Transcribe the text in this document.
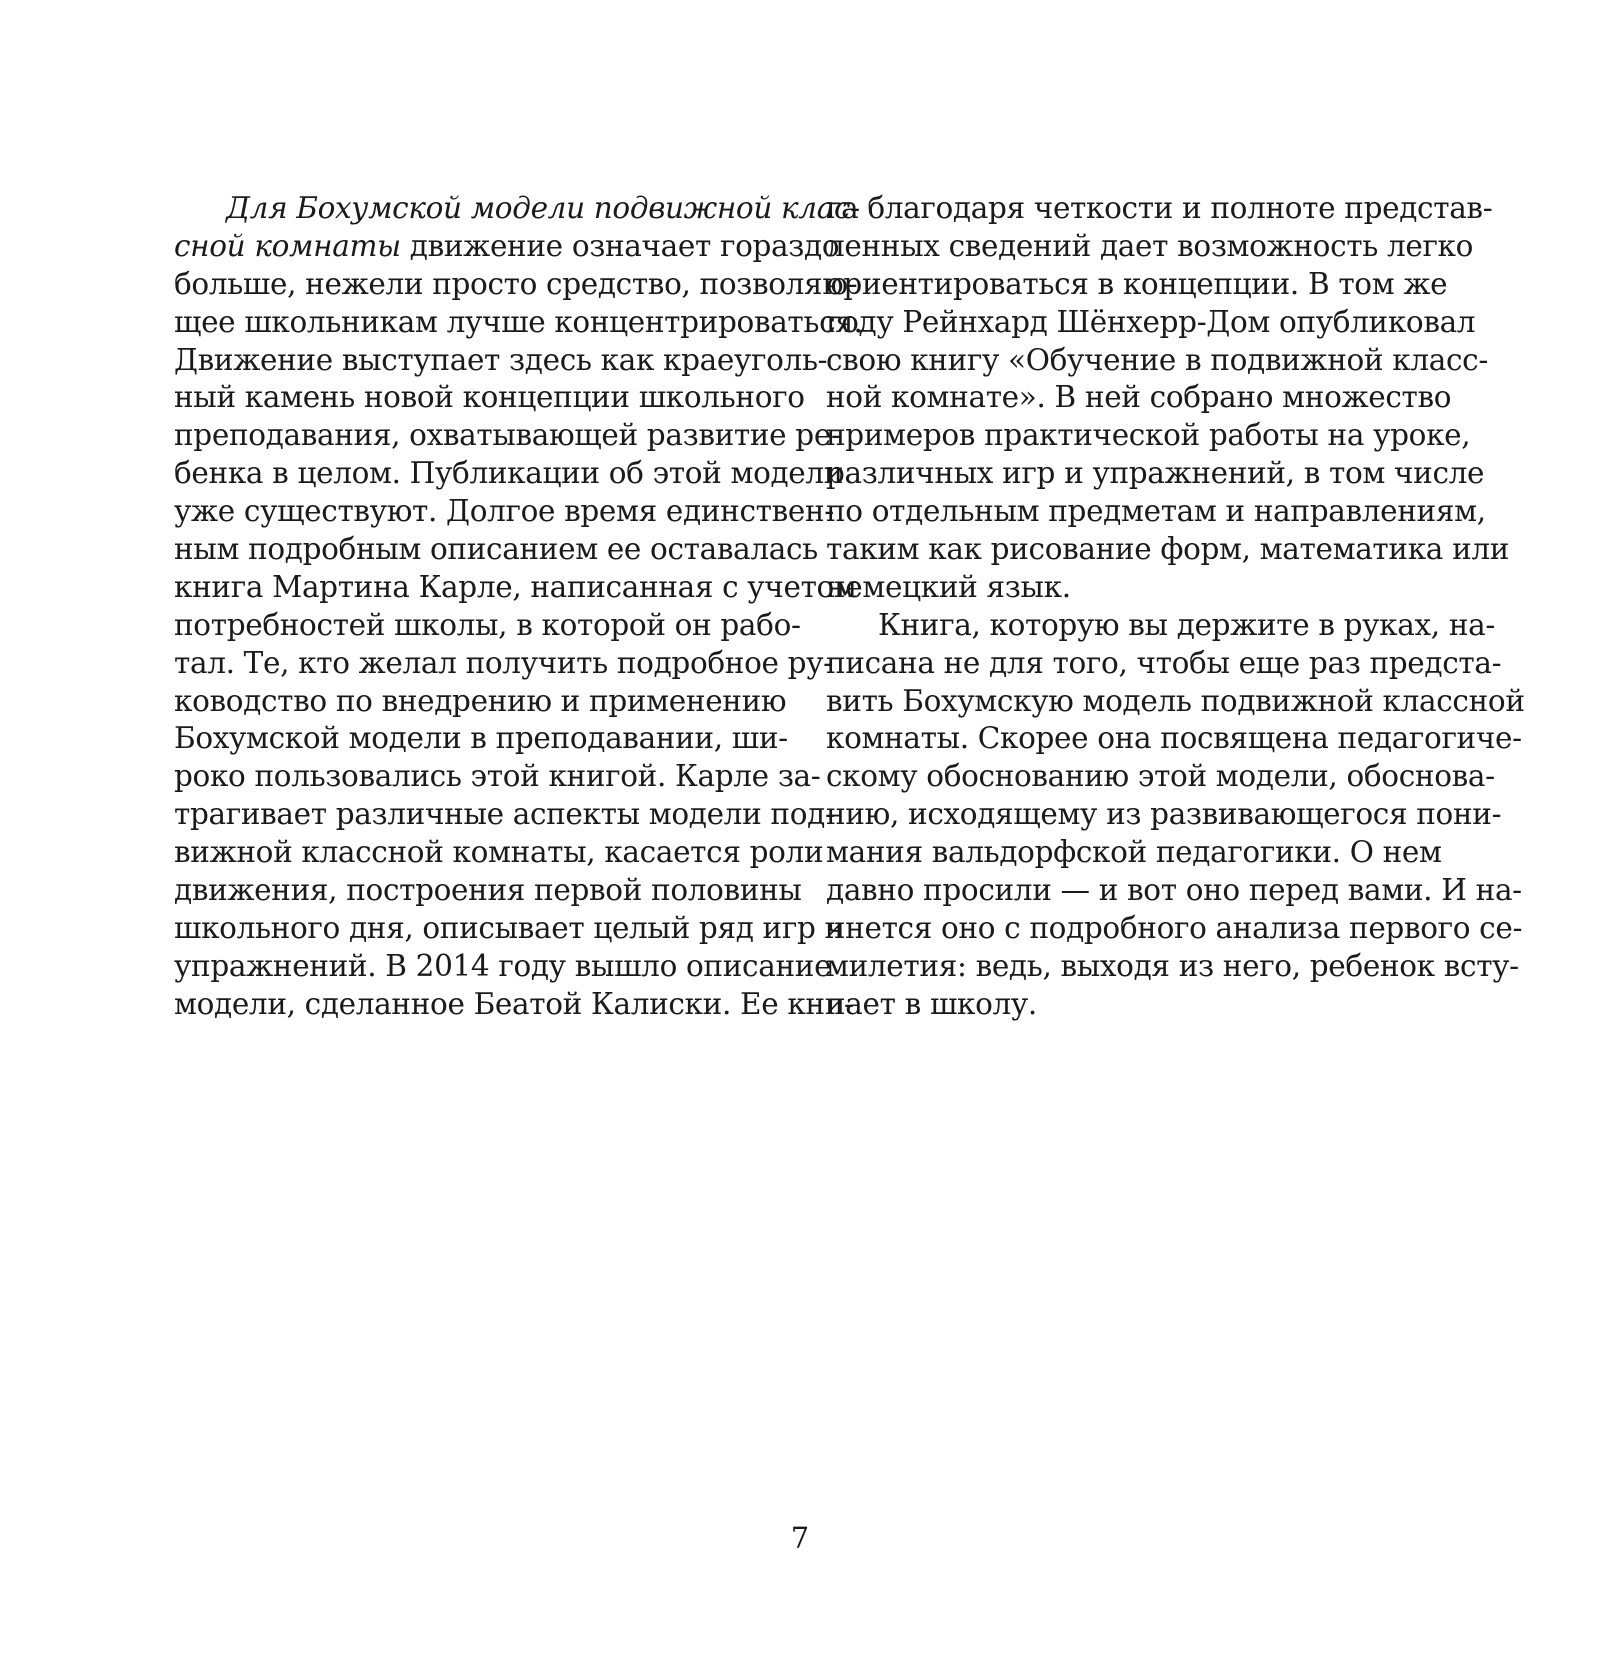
Для Бохумской модели подвижной клас-
сной комнаты движение означает гораздо
больше, нежели просто средство, позволяю-
щее школьникам лучше концентрироваться.
Движение выступает здесь как краеуголь-
ный камень новой концепции школьного
преподавания, охватывающей развитие ре-
бенка в целом. Публикации об этой модели
уже существуют. Долгое время единствен-
ным подробным описанием ее оставалась
книга Мартина Карле, написанная с учетом
потребностей школы, в которой он рабо-
тал. Те, кто желал получить подробное ру-
ководство по внедрению и применению
Бохумской модели в преподавании, ши-
роко пользовались этой книгой. Карле за-
трагивает различные аспекты модели под-
вижной классной комнаты, касается роли
движения, построения первой половины
школьного дня, описывает целый ряд игр и
упражнений. В 2014 году вышло описание
модели, сделанное Беатой Калиски. Ее кни-
га благодаря четкости и полноте представ-
ленных сведений дает возможность легко
ориентироваться в концепции. В том же
году Рейнхард Шёнхерр-Дом опубликовал
свою книгу «Обучение в подвижной класс-
ной комнате». В ней собрано множество
примеров практической работы на уроке,
различных игр и упражнений, в том числе
по отдельным предметам и направлениям,
таким как рисование форм, математика или
немецкий язык.
Книга, которую вы держите в руках, на-
писана не для того, чтобы еще раз предста-
вить Бохумскую модель подвижной классной
комнаты. Скорее она посвящена педагогиче-
скому обоснованию этой модели, обоснова-
нию, исходящему из развивающегося пони-
мания вальдорфской педагогики. О нем
давно просили — и вот оно перед вами. И на-
чнется оно с подробного анализа первого се-
милетия: ведь, выходя из него, ребенок всту-
пает в школу.
7
